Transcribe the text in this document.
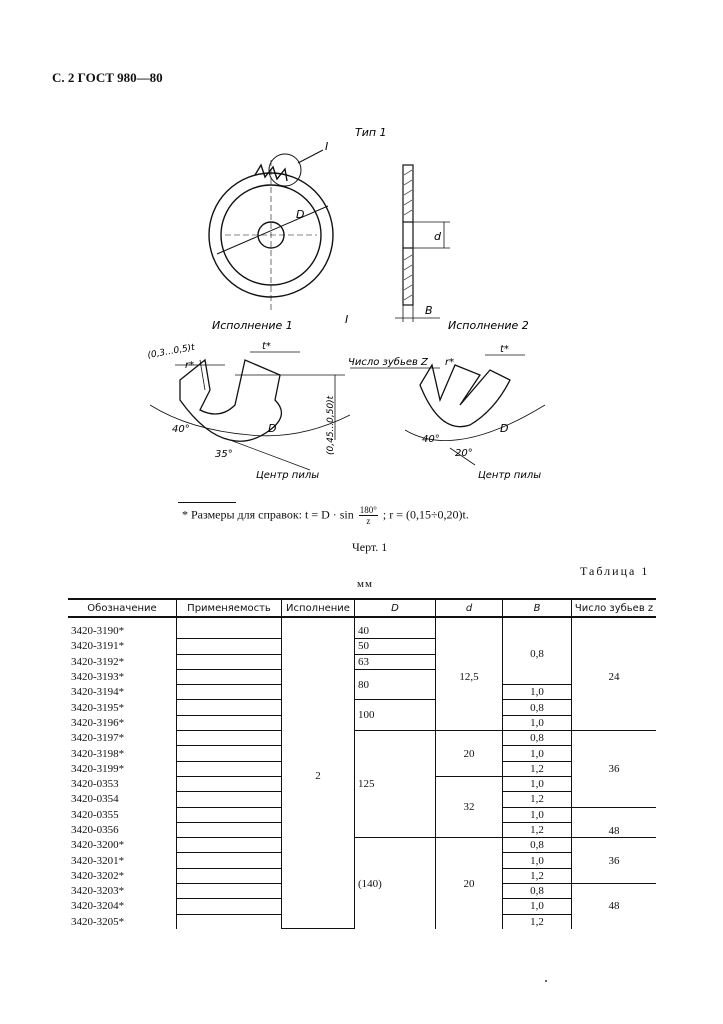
С. 2 ГОСТ 980—80
Тип 1
I
D
d
B
I
Исполнение 1
(0,3...0,5)t
r*
t*
40°
35°
D	(0,45...0,50)t
Центр пилы
Исполнение 2
Число зубьев Z r*
t*
40°
20°
D
Центр пилы
* Размеры для справок: $t = D \cdot \sin \frac{180^\circ}{z}$ ; r = (0,15÷0,20)t.
Черт. 1
Таблица 1
мм
Обозначение	Применяемость	Исполнение	D	d	B	Число зубьев z

3420-3190*		2	40	12,5	0,8	24
3420-3191*			50			
3420-3192*			63			
3420-3193*			80			
3420-3194*					1,0	
3420-3195*			100		0,8	
3420-3196*					1,0	
3420-3197*			125	20	0,8	36
3420-3198*					1,0	
3420-3199*					1,2	
3420-0353				32	1,0	
3420-0354					1,2	
3420-0355					1,0	48
3420-0356					1,2	
3420-3200*			(140)	20	0,8	36
3420-3201*					1,0	
3420-3202*					1,2	
3420-3203*					0,8	48
3420-3204*					1,0	
3420-3205*					1,2	
